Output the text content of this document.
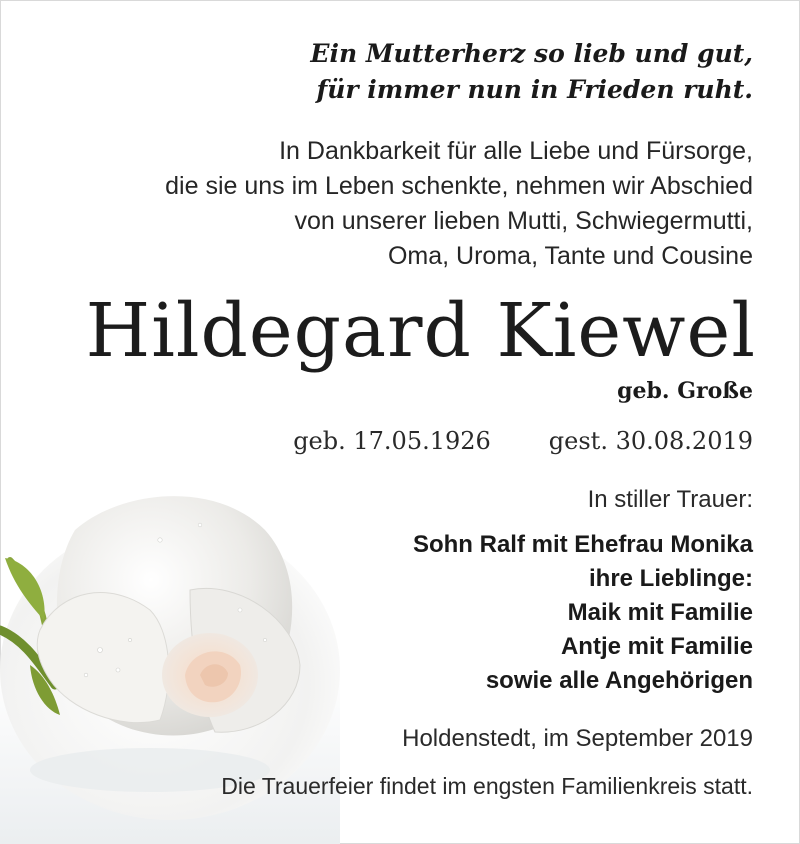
Ein Mutterherz so lieb und gut,
für immer nun in Frieden ruht.
In Dankbarkeit für alle Liebe und Fürsorge,
die sie uns im Leben schenkte, nehmen wir Abschied
von unserer lieben Mutti, Schwiegermutti,
Oma, Uroma, Tante und Cousine
Hildegard Kiewel
geb. Große
geb. 17.05.1926 gest. 30.08.2019
In stiller Trauer:
Sohn Ralf mit Ehefrau Monika
ihre Lieblinge:
Maik mit Familie
Antje mit Familie
sowie alle Angehörigen
Holdenstedt, im September 2019
Die Trauerfeier findet im engsten Familienkreis statt.
